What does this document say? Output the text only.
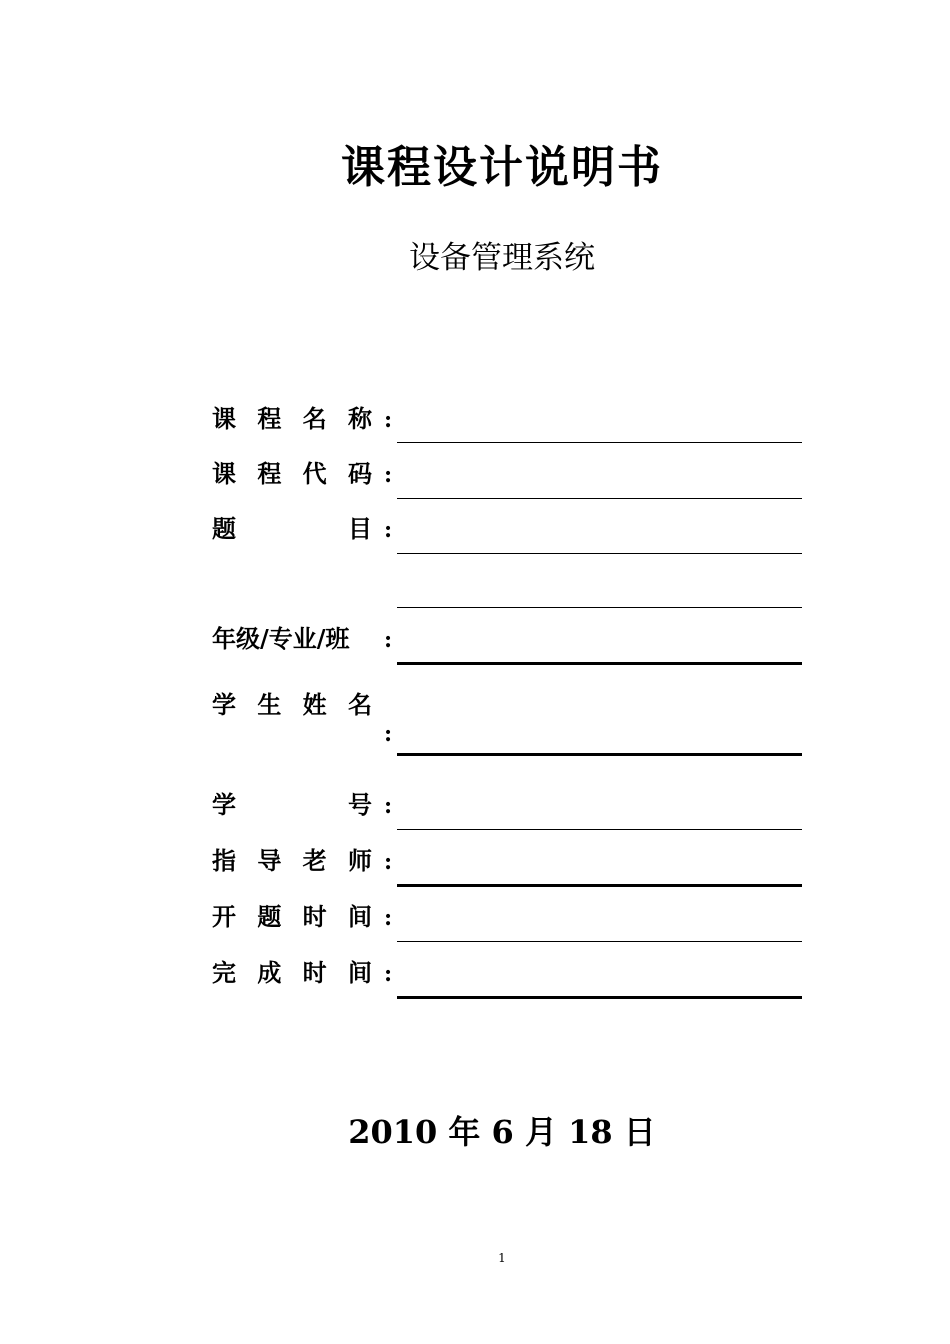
课程设计说明书
设备管理系统
课 程 名 称 :
课 程 代 码 :
题 目 :
年级/专业/班	:
学 生 姓 名
:
学 号 :
指 导 老 师 :
开 题 时 间 :
完 成 时 间 :
2010 年 6 月 18 日
1
